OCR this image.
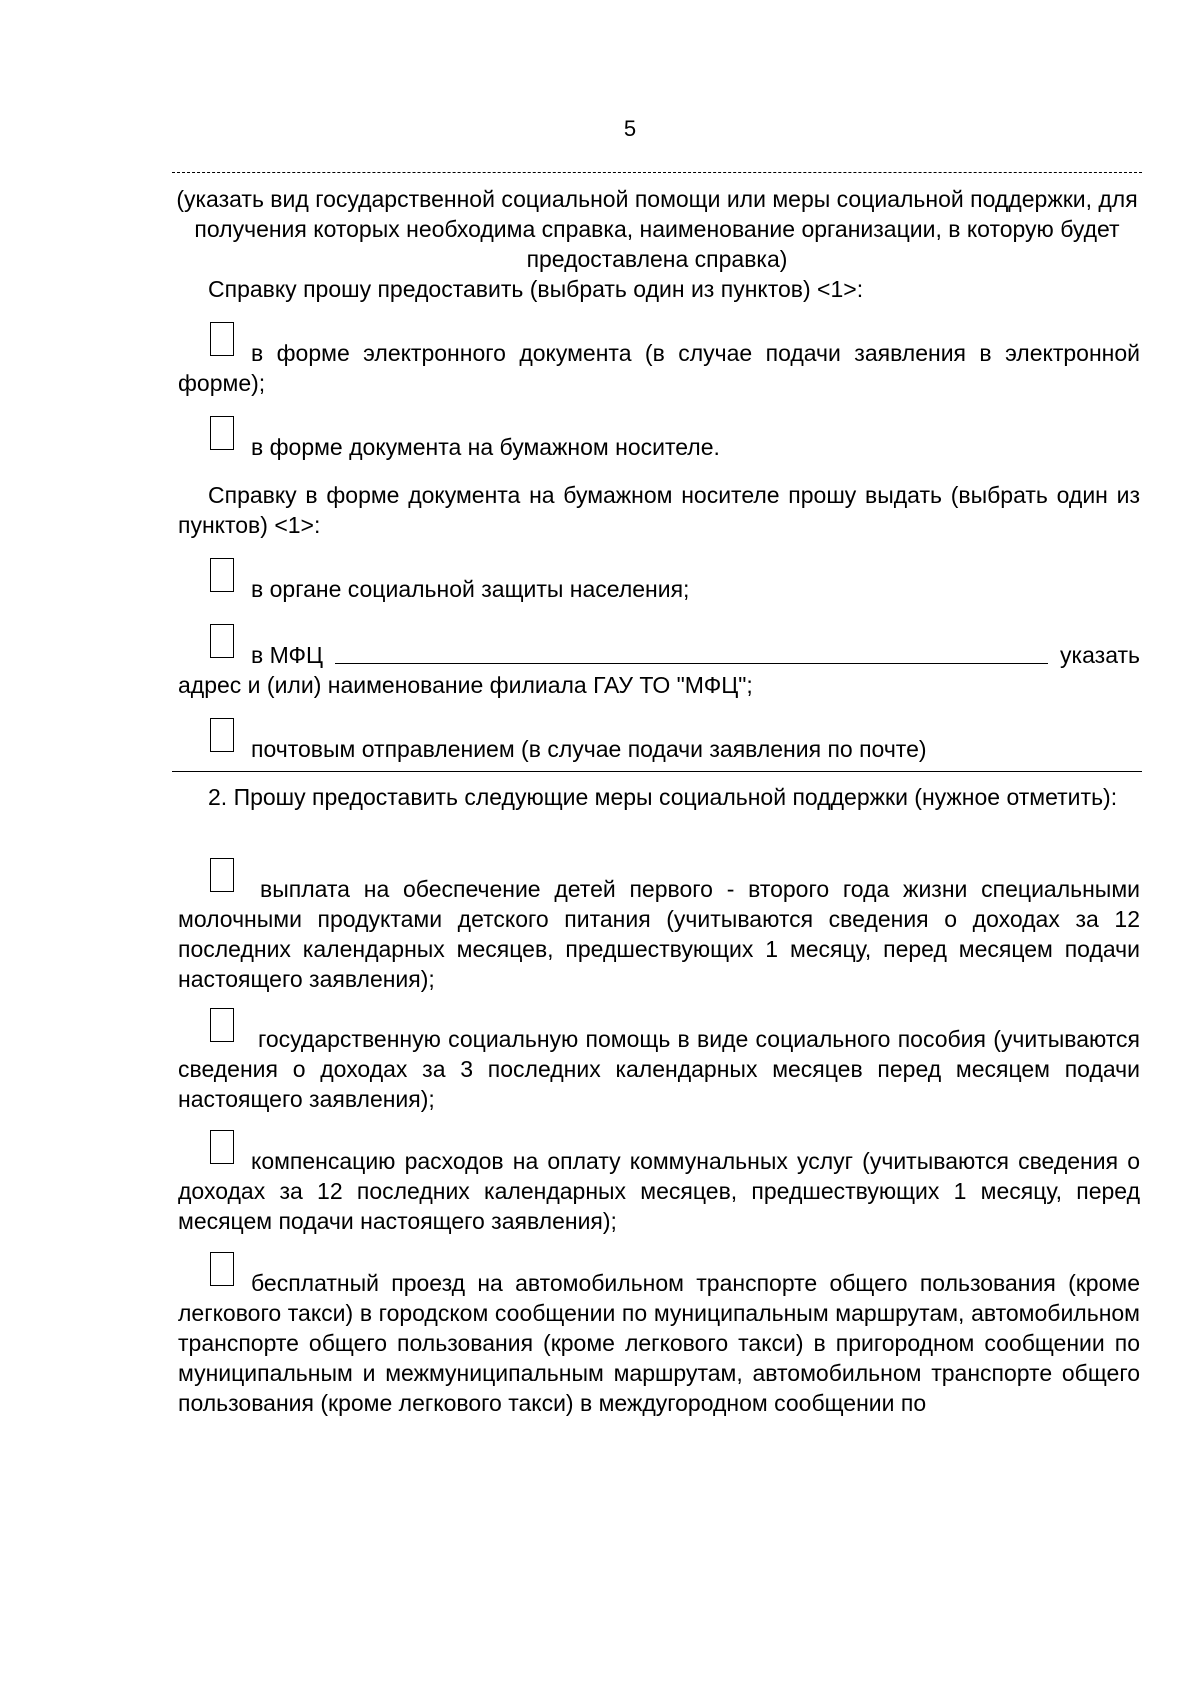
5

(указать вид государственной социальной помощи или меры социальной поддержки, для получения которых необходима справка, наименование организации, в которую будет предоставлена справка)

Справку прошу предоставить (выбрать один из пунктов) <1>:

в форме электронного документа (в случае подачи заявления в электронной форме);
в форме документа на бумажном носителе.

Справку в форме документа на бумажном носителе прошу выдать (выбрать один из пунктов) <1>:

в органе социальной защиты населения;
в МФЦ	указать
адрес и (или) наименование филиала ГАУ ТО "МФЦ";
почтовым отправлением (в случае подачи заявления по почте)

2. Прошу предоставить следующие меры социальной поддержки (нужное отметить):

выплата на обеспечение детей первого - второго года жизни специальными молочными продуктами детского питания (учитываются сведения о доходах за 12 последних календарных месяцев, предшествующих 1 месяцу, перед месяцем подачи настоящего заявления);
государственную социальную помощь в виде социального пособия (учитываются сведения о доходах за 3 последних календарных месяцев перед месяцем подачи настоящего заявления);
компенсацию расходов на оплату коммунальных услуг (учитываются сведения о доходах за 12 последних календарных месяцев, предшествующих 1 месяцу, перед месяцем подачи настоящего заявления);
бесплатный проезд на автомобильном транспорте общего пользования (кроме легкового такси) в городском сообщении по муниципальным маршрутам, автомобильном транспорте общего пользования (кроме легкового такси) в пригородном сообщении по муниципальным и межмуниципальным маршрутам, автомобильном транспорте общего пользования (кроме легкового такси) в междугородном сообщении по
